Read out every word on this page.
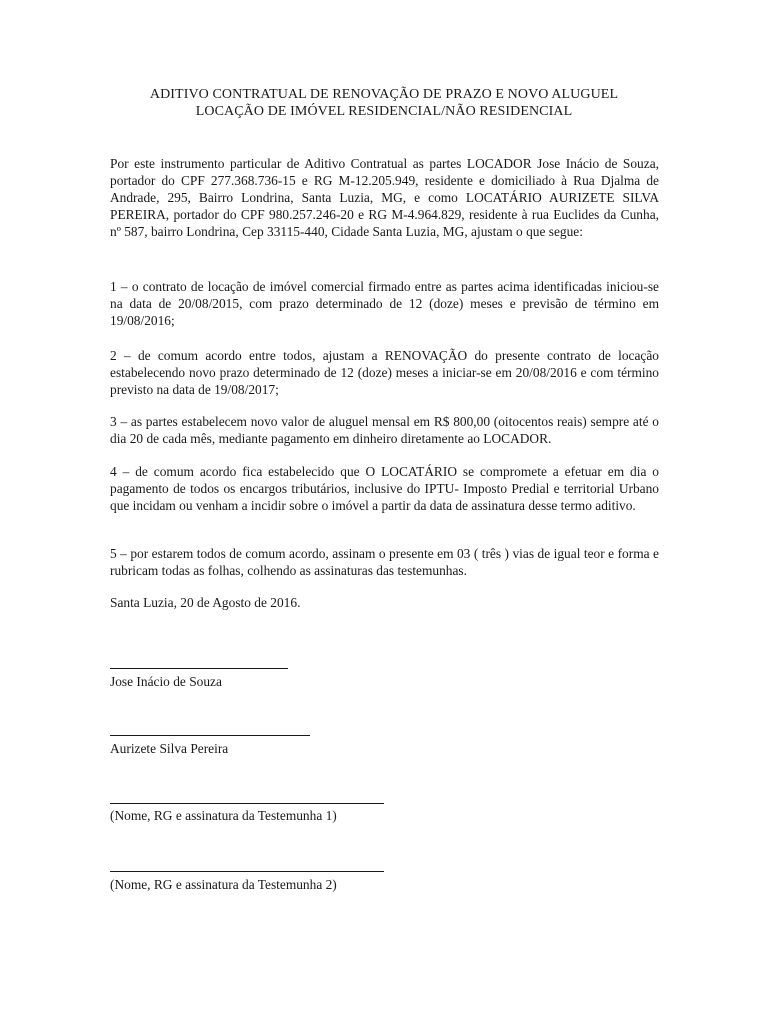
ADITIVO CONTRATUAL DE RENOVAÇÃO DE PRAZO E NOVO ALUGUEL
LOCAÇÃO DE IMÓVEL RESIDENCIAL/NÃO RESIDENCIAL

Por este instrumento particular de Aditivo Contratual as partes LOCADOR Jose Inácio de Souza, portador do CPF 277.368.736-15 e RG M-12.205.949, residente e domiciliado à Rua Djalma de Andrade, 295, Bairro Londrina, Santa Luzia, MG, e como LOCATÁRIO AURIZETE SILVA PEREIRA, portador do CPF 980.257.246-20 e RG M-4.964.829, residente à rua Euclides da Cunha, nº 587, bairro Londrina, Cep 33115-440, Cidade Santa Luzia, MG, ajustam o que segue:

1 – o contrato de locação de imóvel comercial firmado entre as partes acima identificadas iniciou-se na data de 20/08/2015, com prazo determinado de 12 (doze) meses e previsão de término em 19/08/2016;

2 – de comum acordo entre todos, ajustam a RENOVAÇÃO do presente contrato de locação estabelecendo novo prazo determinado de 12 (doze) meses a iniciar-se em 20/08/2016 e com término previsto na data de 19/08/2017;

3 – as partes estabelecem novo valor de aluguel mensal em R$ 800,00 (oitocentos reais) sempre até o dia 20 de cada mês, mediante pagamento em dinheiro diretamente ao LOCADOR.

4 – de comum acordo fica estabelecido que O LOCATÁRIO se compromete a efetuar em dia o pagamento de todos os encargos tributários, inclusive do IPTU- Imposto Predial e territorial Urbano que incidam ou venham a incidir sobre o imóvel a partir da data de assinatura desse termo aditivo.

5 – por estarem todos de comum acordo, assinam o presente em 03 ( três ) vias de igual teor e forma e rubricam todas as folhas, colhendo as assinaturas das testemunhas.

Santa Luzia, 20 de Agosto de 2016.
Jose Inácio de Souza
Aurizete Silva Pereira
(Nome, RG e assinatura da Testemunha 1)
(Nome, RG e assinatura da Testemunha 2)
